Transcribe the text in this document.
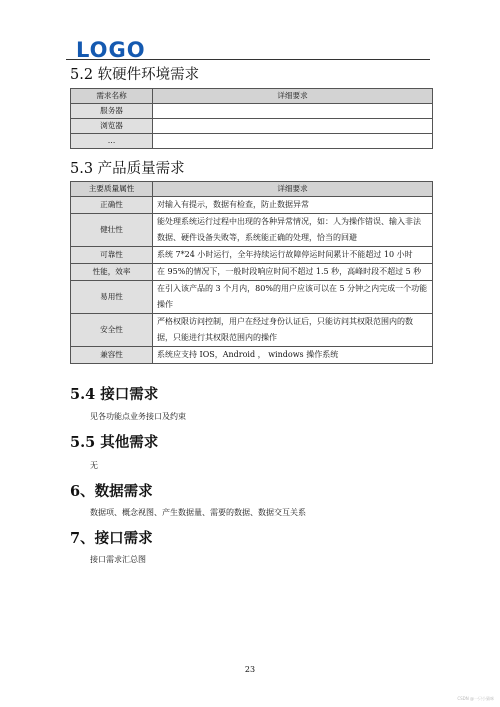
LOGO
5.2 软硬件环境需求
需求名称	详细要求
服务器	
浏览器	
…	
5.3 产品质量需求
主要质量属性	详细要求
正确性	对输入有提示，数据有检查，防止数据异常
健壮性	能处理系统运行过程中出现的各种异常情况，如：人为操作错误、输入非法数据、硬件设备失败等，系统能正确的处理，恰当的回避
可靠性	系统 7*24 小时运行，全年持续运行故障停运时间累计不能超过 10 小时
性能，效率	在 95%的情况下，一般时段响应时间不超过 1.5 秒，高峰时段不超过 5 秒
易用性	在引入该产品的 3 个月内，80%的用户应该可以在 5 分钟之内完成一个功能操作
安全性	严格权限访问控制，用户在经过身份认证后，只能访问其权限范围内的数据，只能进行其权限范围内的操作
兼容性	系统应支持 IOS，Android ， windows 操作系统
5.4 接口需求
见各功能点业务接口及约束
5.5 其他需求
无
6、数据需求
数据项、概念视图、产生数据量、需要的数据、数据交互关系
7、接口需求
接口需求汇总图
23
CSDN @一只小猫咪
